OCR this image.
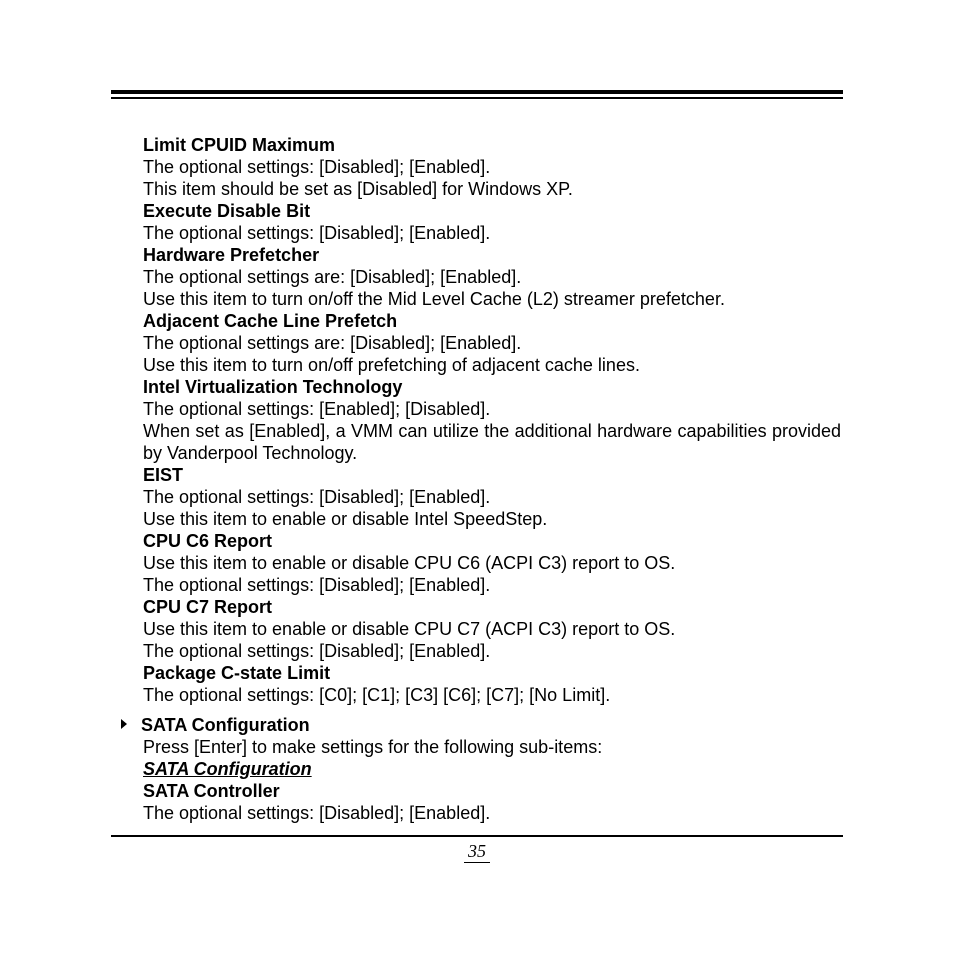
Limit CPUID Maximum
The optional settings: [Disabled]; [Enabled].
This item should be set as [Disabled] for Windows XP.
Execute Disable Bit
The optional settings: [Disabled]; [Enabled].
Hardware Prefetcher
The optional settings are: [Disabled]; [Enabled].
Use this item to turn on/off the Mid Level Cache (L2) streamer prefetcher.
Adjacent Cache Line Prefetch
The optional settings are: [Disabled]; [Enabled].
Use this item to turn on/off prefetching of adjacent cache lines.
Intel Virtualization Technology
The optional settings: [Enabled]; [Disabled].
When set as [Enabled], a VMM can utilize the additional hardware capabilities provided by Vanderpool Technology.
EIST
The optional settings: [Disabled]; [Enabled].
Use this item to enable or disable Intel SpeedStep.
CPU C6 Report
Use this item to enable or disable CPU C6 (ACPI C3) report to OS.
The optional settings: [Disabled]; [Enabled].
CPU C7 Report
Use this item to enable or disable CPU C7 (ACPI C3) report to OS.
The optional settings: [Disabled]; [Enabled].
Package C-state Limit
The optional settings: [C0]; [C1]; [C3] [C6]; [C7]; [No Limit].
SATA Configuration
Press [Enter] to make settings for the following sub-items:
SATA Configuration
SATA Controller
The optional settings: [Disabled]; [Enabled].
35
